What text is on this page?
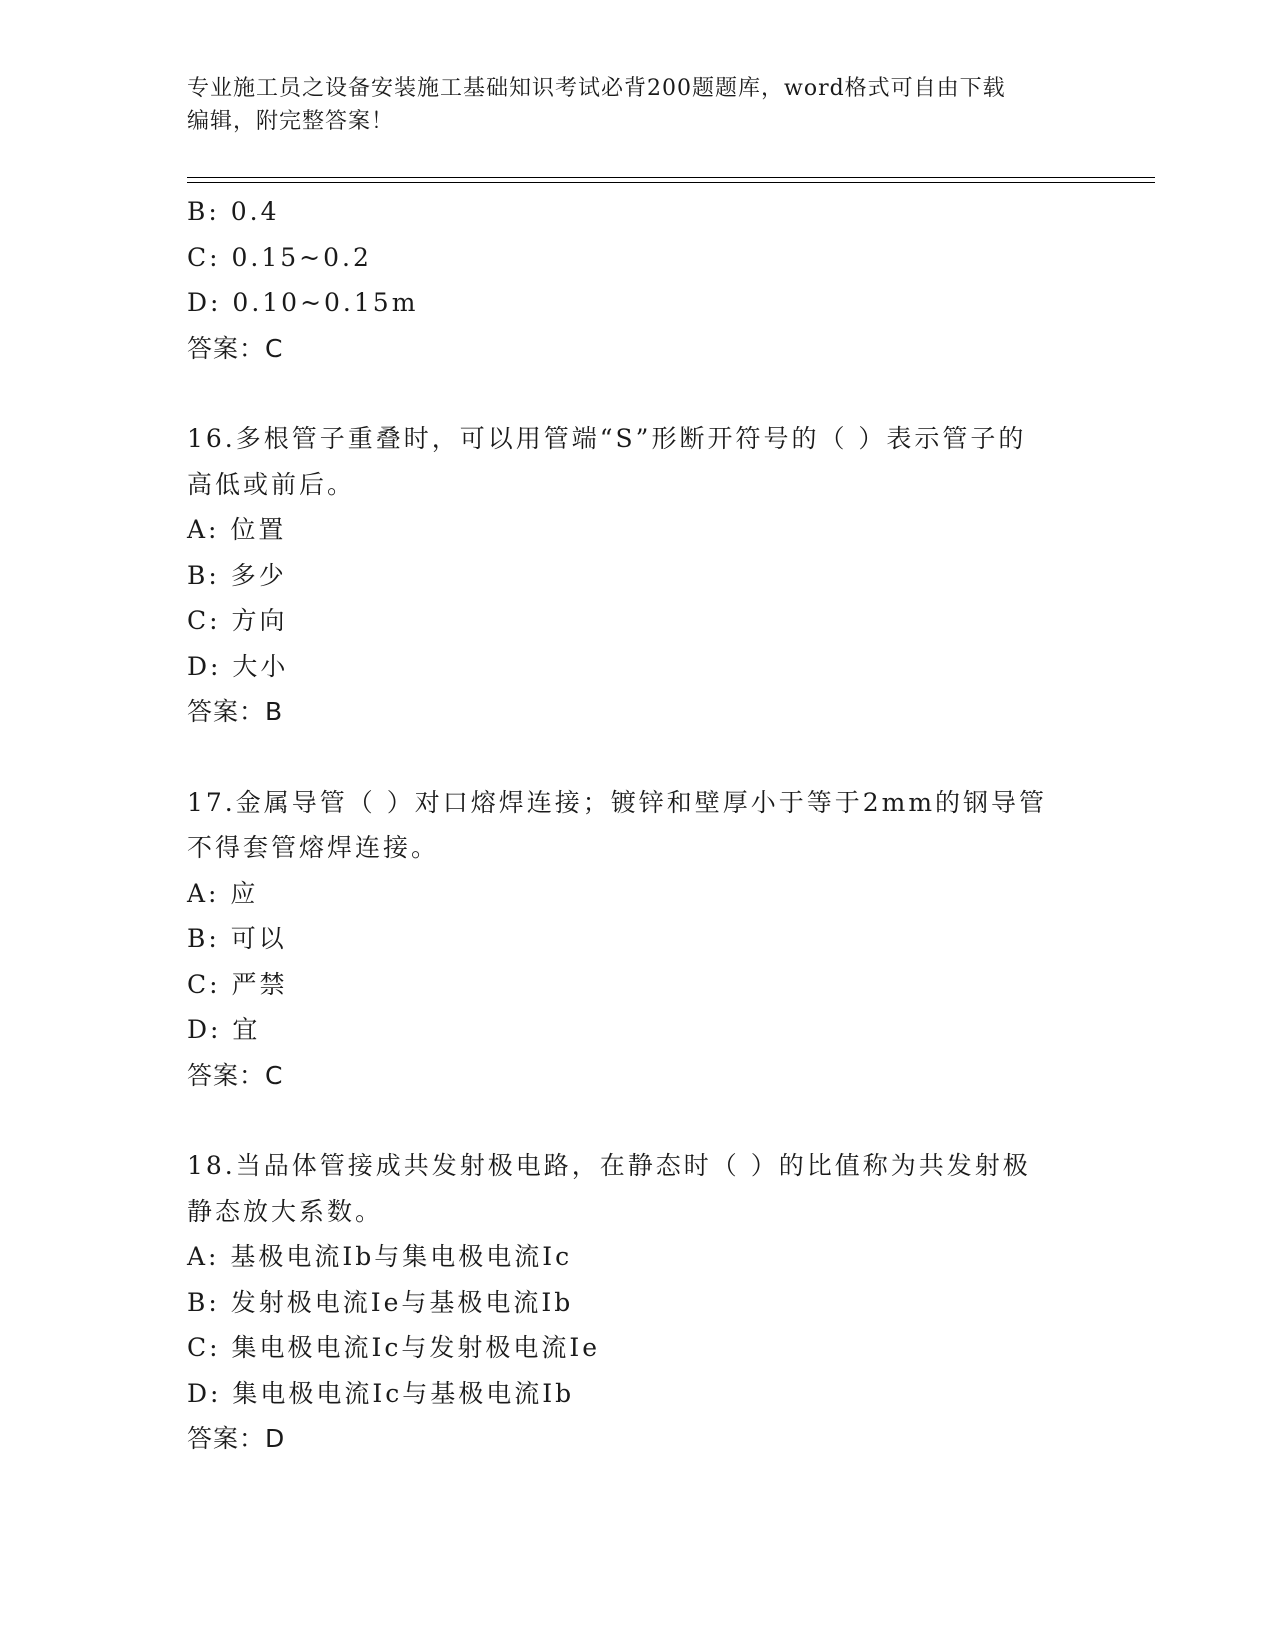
专业施工员之设备安装施工基础知识考试必背200题题库，word格式可自由下载
编辑，附完整答案！
B: 0.4
C: 0.15~0.2
D: 0.10~0.15m
答案：C
16.多根管子重叠时，可以用管端“S”形断开符号的（ ）表示管子的
高低或前后。
A: 位置
B: 多少
C: 方向
D: 大小
答案：B
17.金属导管（ ）对口熔焊连接；镀锌和壁厚小于等于2mm的钢导管
不得套管熔焊连接。
A: 应
B: 可以
C: 严禁
D: 宜
答案：C
18.当品体管接成共发射极电路，在静态时（ ）的比值称为共发射极
静态放大系数。
A: 基极电流Ib与集电极电流Ic
B: 发射极电流Ie与基极电流Ib
C: 集电极电流Ic与发射极电流Ie
D: 集电极电流Ic与基极电流Ib
答案：D
